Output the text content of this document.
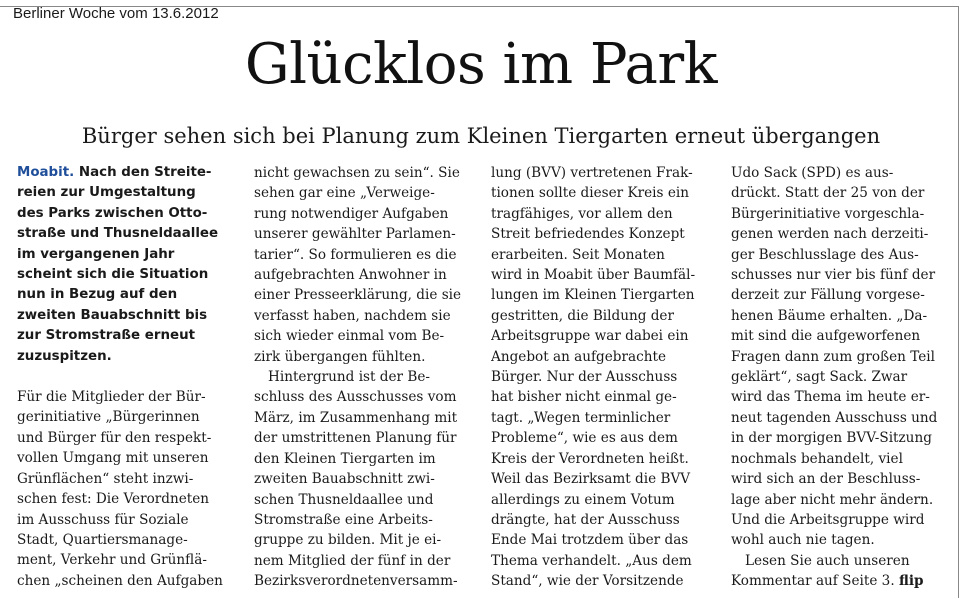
Berliner Woche vom 13.6.2012
Glücklos im Park
Bürger sehen sich bei Planung zum Kleinen Tiergarten erneut übergangen
Moabit. Nach den Streite-
reien zur Umgestaltung
des Parks zwischen Otto-
straße und Thusneldaallee
im vergangenen Jahr
scheint sich die Situation
nun in Bezug auf den
zweiten Bauabschnitt bis
zur Stromstraße erneut
zuzuspitzen.
Für die Mitglieder der Bür-
gerinitiative „Bürgerinnen
und Bürger für den respekt-
vollen Umgang mit unseren
Grünflächen“ steht inzwi-
schen fest: Die Verordneten
im Ausschuss für Soziale
Stadt, Quartiersmanage-
ment, Verkehr und Grünflä-
chen „scheinen den Aufgaben
nicht gewachsen zu sein“. Sie
sehen gar eine „Verweige-
rung notwendiger Aufgaben
unserer gewählter Parlamen-
tarier“. So formulieren es die
aufgebrachten Anwohner in
einer Presseerklärung, die sie
verfasst haben, nachdem sie
sich wieder einmal vom Be-
zirk übergangen fühlten.
Hintergrund ist der Be-
schluss des Ausschusses vom
März, im Zusammenhang mit
der umstrittenen Planung für
den Kleinen Tiergarten im
zweiten Bauabschnitt zwi-
schen Thusneldaallee und
Stromstraße eine Arbeits-
gruppe zu bilden. Mit je ei-
nem Mitglied der fünf in der
Bezirksverordnetenversamm-
lung (BVV) vertretenen Frak-
tionen sollte dieser Kreis ein
tragfähiges, vor allem den
Streit befriedendes Konzept
erarbeiten. Seit Monaten
wird in Moabit über Baumfäl-
lungen im Kleinen Tiergarten
gestritten, die Bildung der
Arbeitsgruppe war dabei ein
Angebot an aufgebrachte
Bürger. Nur der Ausschuss
hat bisher nicht einmal ge-
tagt. „Wegen terminlicher
Probleme“, wie es aus dem
Kreis der Verordneten heißt.
Weil das Bezirksamt die BVV
allerdings zu einem Votum
drängte, hat der Ausschuss
Ende Mai trotzdem über das
Thema verhandelt. „Aus dem
Stand“, wie der Vorsitzende
Udo Sack (SPD) es aus-
drückt. Statt der 25 von der
Bürgerinitiative vorgeschla-
genen werden nach derzeiti-
ger Beschlusslage des Aus-
schusses nur vier bis fünf der
derzeit zur Fällung vorgese-
henen Bäume erhalten. „Da-
mit sind die aufgeworfenen
Fragen dann zum großen Teil
geklärt“, sagt Sack. Zwar
wird das Thema im heute er-
neut tagenden Ausschuss und
in der morgigen BVV-Sitzung
nochmals behandelt, viel
wird sich an der Beschluss-
lage aber nicht mehr ändern.
Und die Arbeitsgruppe wird
wohl auch nie tagen.
Lesen Sie auch unseren
Kommentar auf Seite 3. flip
